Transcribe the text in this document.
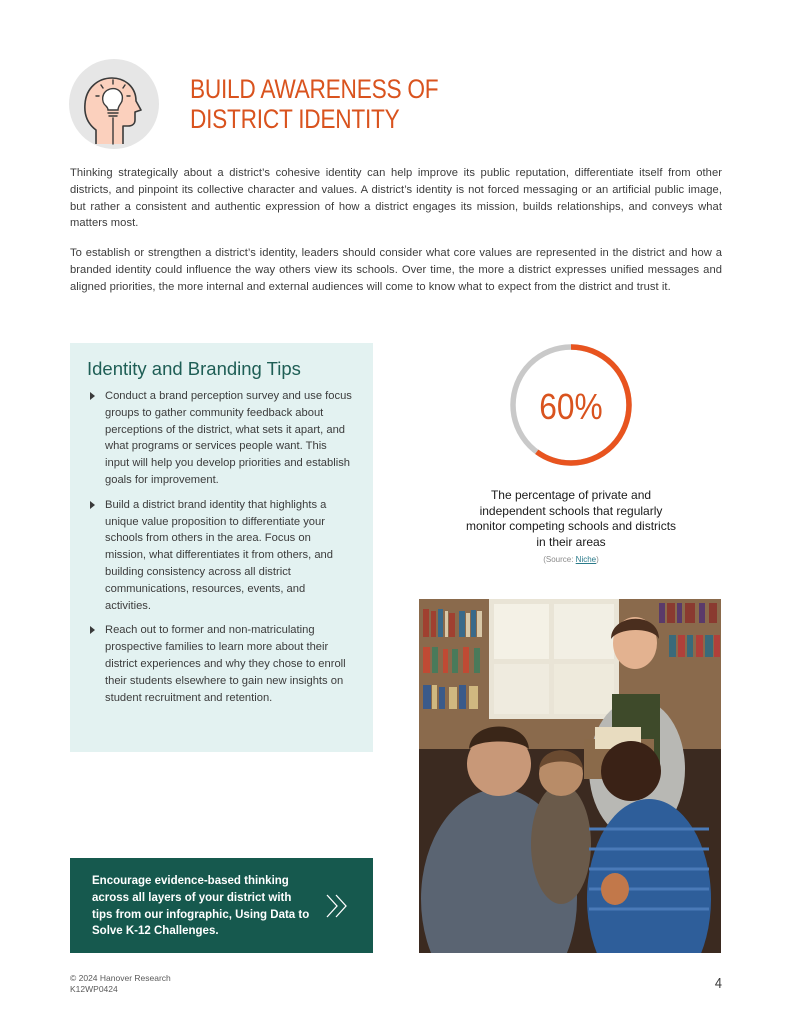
BUILD AWARENESS OF
DISTRICT IDENTITY

Thinking strategically about a district’s cohesive identity can help improve its public reputation, differentiate itself from other districts, and pinpoint its collective character and values. A district’s identity is not forced messaging or an artificial public image, but rather a consistent and authentic expression of how a district engages its mission, builds relationships, and conveys what matters most.

To establish or strengthen a district’s identity, leaders should consider what core values are represented in the district and how a branded identity could influence the way others view its schools. Over time, the more a district expresses unified messages and aligned priorities, the more internal and external audiences will come to know what to expect from the district and trust it.

Identity and Branding Tips
Conduct a brand perception survey and use focus groups to gather community feedback about perceptions of the district, what sets it apart, and what programs or services people want. This input will help you develop priorities and establish goals for improvement.
Build a district brand identity that highlights a unique value proposition to differentiate your schools from others in the area. Focus on mission, what differentiates it from others, and building consistency across all district communications, resources, events, and activities.
Reach out to former and non-matriculating prospective families to learn more about their district experiences and why they chose to enroll their students elsewhere to gain new insights on student recruitment and retention.
60%
The percentage of private and independent schools that regularly monitor competing schools and districts in their areas
(Source: Niche)
Encourage evidence-based thinking across all layers of your district with tips from our infographic, Using Data to Solve K-12 Challenges.
© 2024 Hanover Research
K12WP0424	4
